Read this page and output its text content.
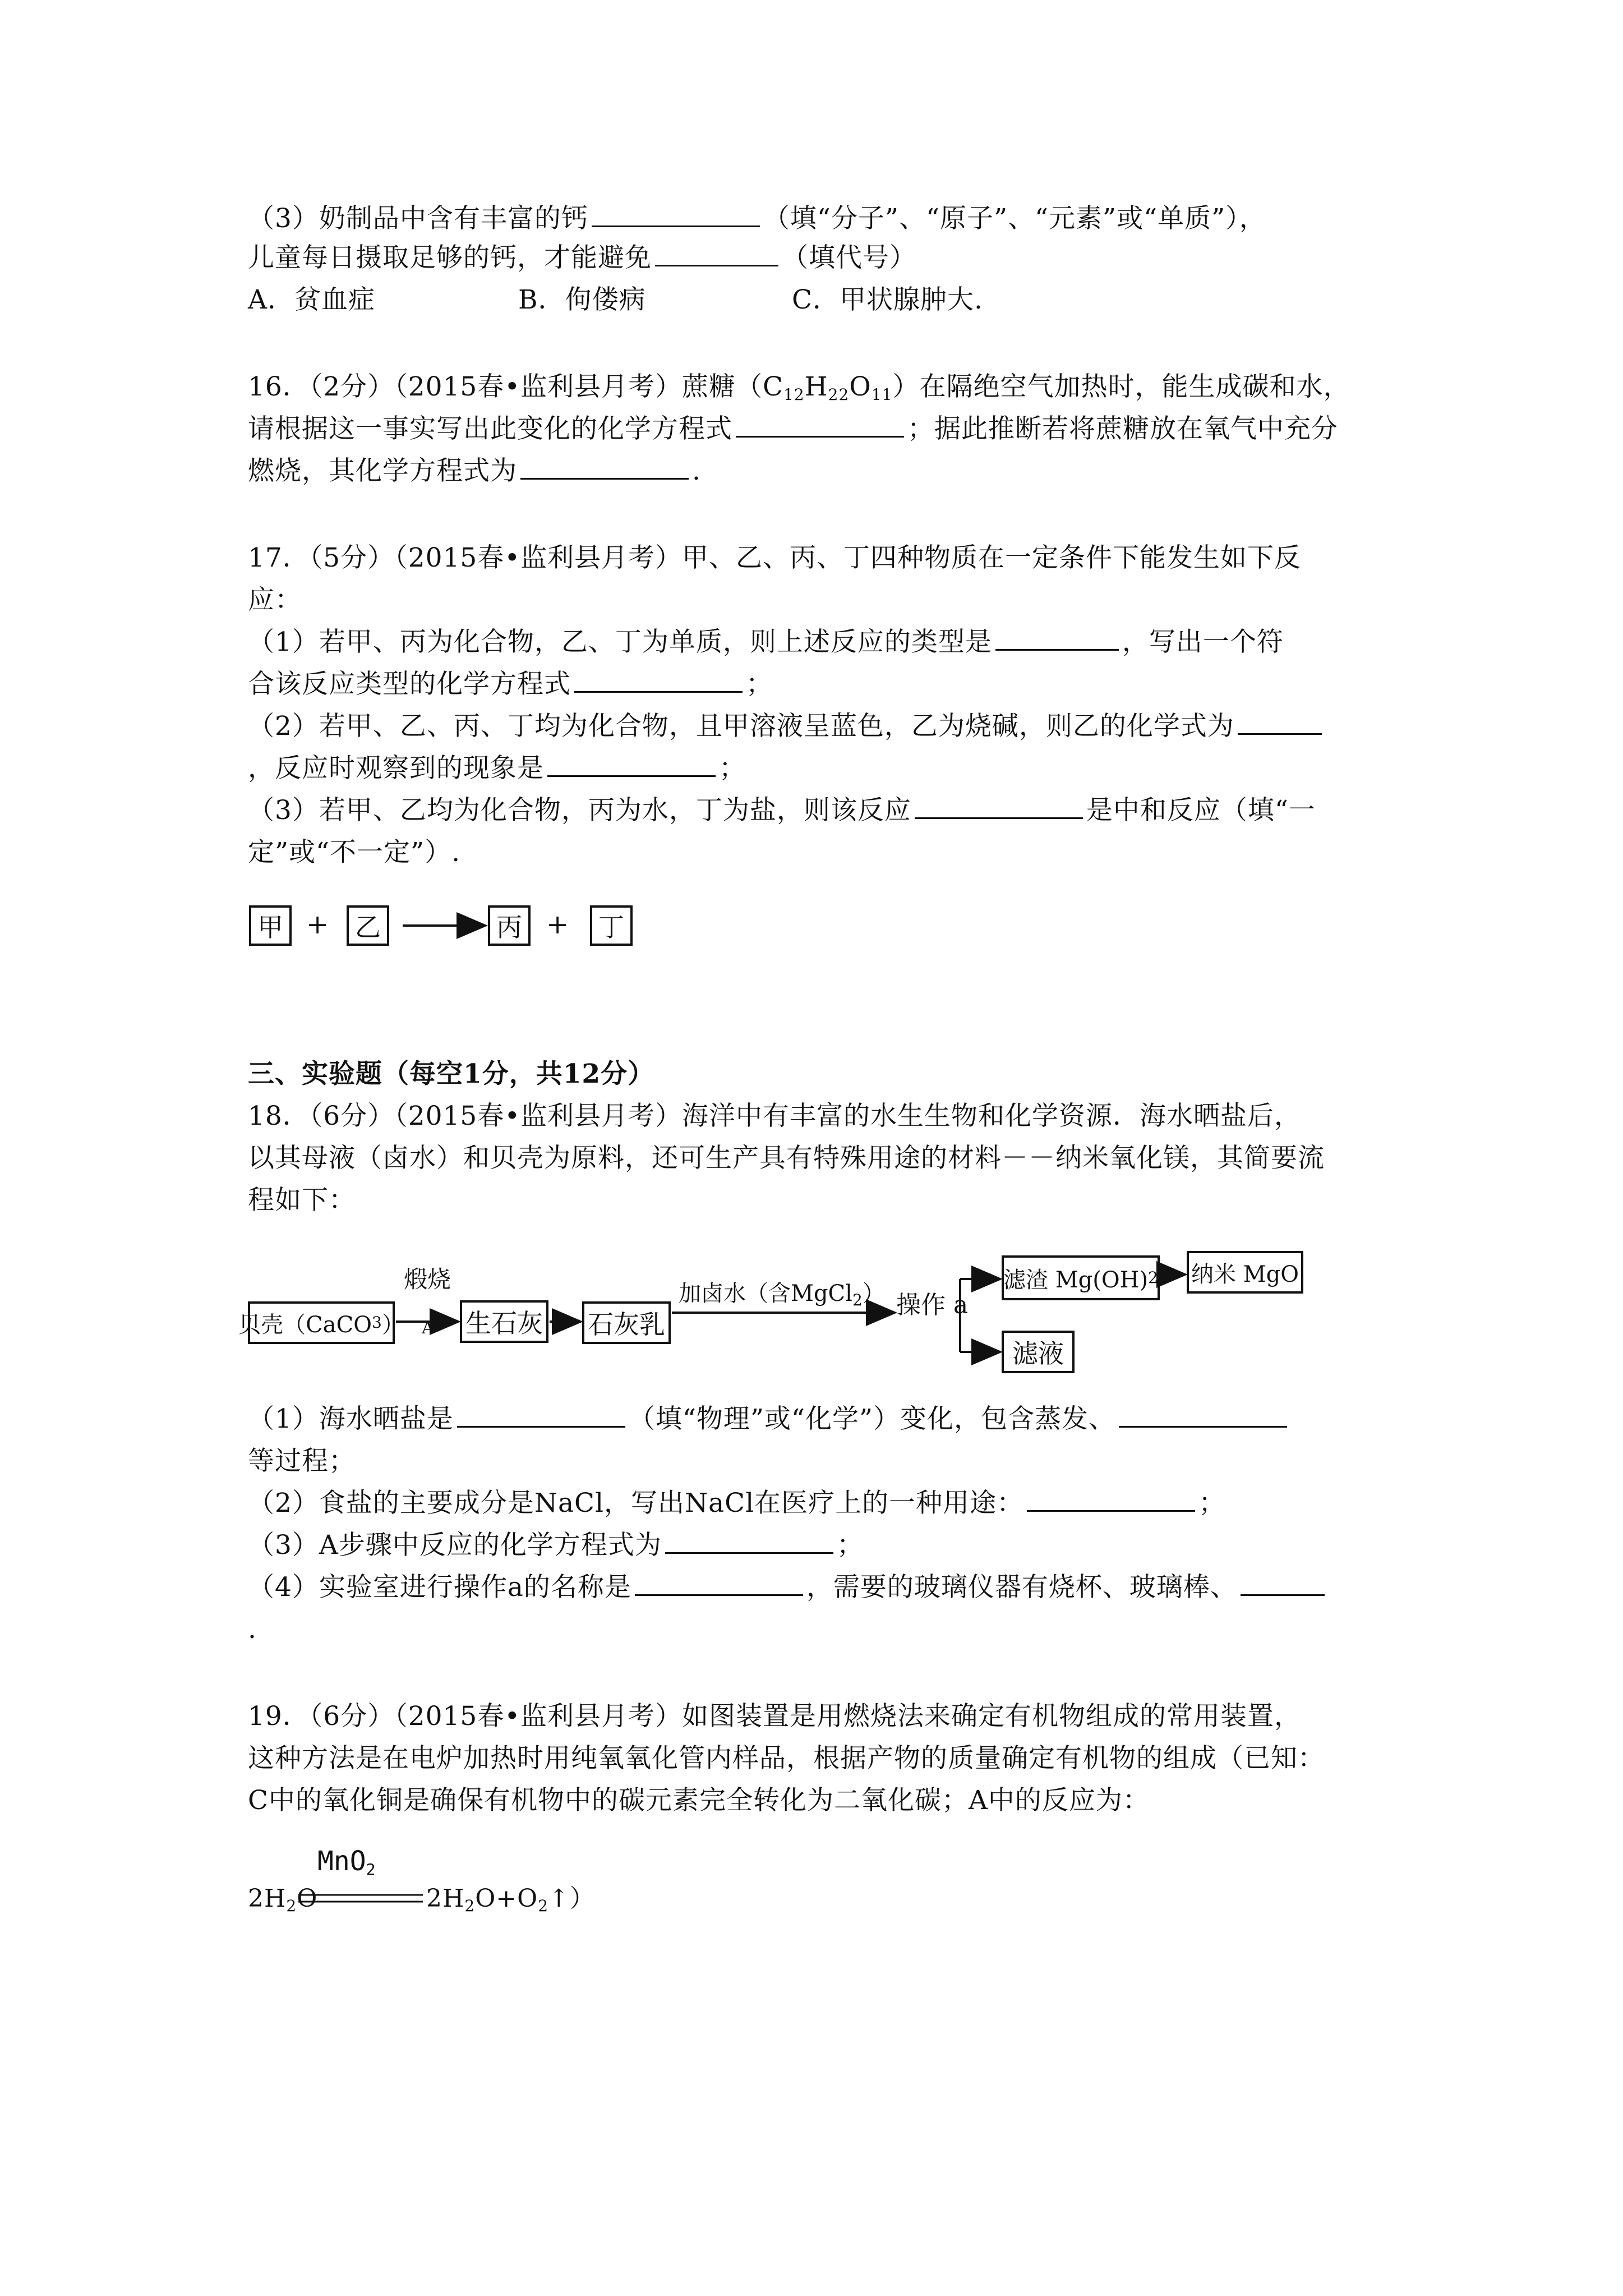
（3）奶制品中含有丰富的钙	（填“分子”、“原子”、“元素”或“单质”），
儿童每日摄取足够的钙，才能避免	（填代号）
A．贫血症	B．佝偻病	C．甲状腺肿大.
16．（2分）（2015春•监利县月考）蔗糖$(C_{12}H_{22}O_{11})$在隔绝空气加热时，能生成碳和水，
请根据这一事实写出此变化的化学方程式	；据此推断若将蔗糖放在氧气中充分
燃烧，其化学方程式为	.
17．（5分）（2015春•监利县月考）甲、乙、丙、丁四种物质在一定条件下能发生如下反
应：
（1）若甲、丙为化合物，乙、丁为单质，则上述反应的类型是	，写出一个符
合该反应类型的化学方程式	；
（2）若甲、乙、丙、丁均为化合物，且甲溶液呈蓝色，乙为烧碱，则乙的化学式为
，反应时观察到的现象是	；
（3）若甲、乙均为化合物，丙为水，丁为盐，则该反应	是中和反应（填“一
定”或“不一定”）.
甲 + 乙	丙 + 丁
三、实验题（每空1分，共12分）
18．（6分）（2015春•监利县月考）海洋中有丰富的水生生物和化学资源．海水晒盐后，
以其母液（卤水）和贝壳为原料，还可生产具有特殊用途的材料－－纳米氧化镁，其简要流
程如下：
贝壳（CaCO 3 ）
煅烧
A 生石灰 石灰乳
加卤水（含MgCl$_2$） 操作 a
滤渣 Mg(OH) 2 纳米 MgO
滤液
（1）海水晒盐是	（填“物理”或“化学”）变化，包含蒸发、
等过程；
（2）食盐的主要成分是NaCl，写出NaCl在医疗上的一种用途：	；
（3）A步骤中反应的化学方程式为	；
（4）实验室进行操作a的名称是	，需要的玻璃仪器有烧杯、玻璃棒、
.
19．（6分）（2015春•监利县月考）如图装置是用燃烧法来确定有机物组成的常用装置，
这种方法是在电炉加热时用纯氧氧化管内样品，根据产物的质量确定有机物的组成（已知：
C中的氧化铜是确保有机物中的碳元素完全转化为二氧化碳；A中的反应为：
MnO$_2$
$2H_2O$	$2H_2O+O_2↑$）
